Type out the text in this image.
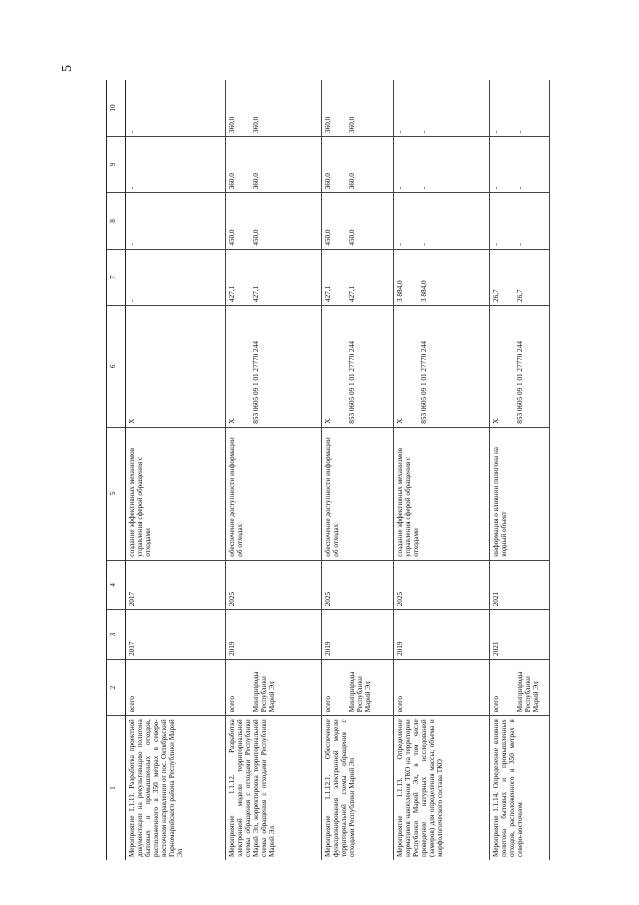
5
1	2	3	4	5	6	7	8	9	10
Мероприятие 1.1.11. Разработка проектной документации на рекультивацию полигона бытовых и промышленных отходов, расположенного в 350 метрах в северо-восточном направлении от пос. Октябрьский Горномарийского района Республики Марий Эл	всего	2017	2017	создание эффективных механизмов управления сферой обращения с отходами	X	-	-	-	-

Мероприятие 1.1.12. Разработка электронной модели территориальной схемы обращения с отходами Республики Марий Эл, корректировка территориальной схемы обращения с отходами Республики Марий Эл	всего Минприроды Республики Марий Эл	2019	2025	обеспечение доступности информации об отходах	X 853 0605 09 1 01 27770 244	427,1 427,1	450,0 450,0	360,0 360,0	360,0 360,0

Мероприятие 1.1.12.1. Обеспечение функционирования электронной модели территориальной схемы обращения с отходами Республики Марий Эл	всего Минприроды Республики Марий Эл	2019	2025	обеспечение доступности информации об отходах	X 853 0605 09 1 01 27770 244	427,1 427,1	450,0 450,0	360,0 360,0	360,0 360,0

Мероприятие 1.1.13. Определение нормативов накопления ТКО на территории Республики Марий Эл, в том числе проведение натурных исследований (замеров) для определения массы, объема и морфологического состава ТКО	всего	2019	2025	создание эффективных механизмов управления сферой обращения с отходами	X 853 0605 09 1 01 27770 244	3 884,0 3 884,0	- -	- -	- -

Мероприятие 1.1.14. Определение влияния полигона бытовых и промышленных отходов, расположенного в 350 метрах в северо-восточном	всего Минприроды Республики Марий Эл	2021	2021	информация о влиянии полигона на водный объект	X 853 0605 09 1 01 27770 244	26,7 26,7	- -	- -	- -
